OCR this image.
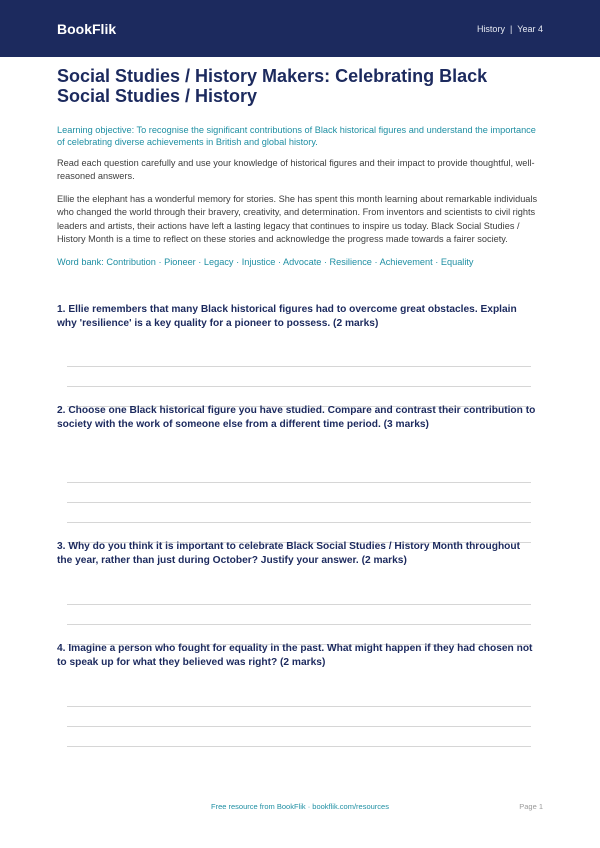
BookFlik	History | Year 4
Social Studies / History Makers: Celebrating Black Social Studies / History

Learning objective: To recognise the significant contributions of Black historical figures and understand the importance of celebrating diverse achievements in British and global history.

Read each question carefully and use your knowledge of historical figures and their impact to provide thoughtful, well-reasoned answers.

Ellie the elephant has a wonderful memory for stories. She has spent this month learning about remarkable individuals who changed the world through their bravery, creativity, and determination. From inventors and scientists to civil rights leaders and artists, their actions have left a lasting legacy that continues to inspire us today. Black Social Studies / History Month is a time to reflect on these stories and acknowledge the progress made towards a fairer society.

Word bank: Contribution · Pioneer · Legacy · Injustice · Advocate · Resilience · Achievement · Equality

1. Ellie remembers that many Black historical figures had to overcome great obstacles. Explain why 'resilience' is a key quality for a pioneer to possess. (2 marks)
2. Choose one Black historical figure you have studied. Compare and contrast their contribution to society with the work of someone else from a different time period. (3 marks)
3. Why do you think it is important to celebrate Black Social Studies / History Month throughout the year, rather than just during October? Justify your answer. (2 marks)
4. Imagine a person who fought for equality in the past. What might happen if they had chosen not to speak up for what they believed was right? (2 marks)
Free resource from BookFlik · bookflik.com/resources	Page 1
